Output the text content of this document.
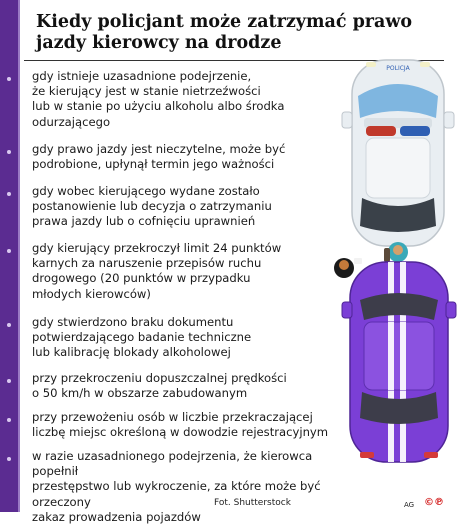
Kiedy policjant może zatrzymać prawo jazdy kierowcy na drodze
gdy istnieje uzasadnione podejrzenie,
że kierujący jest w stanie nietrzeźwości
lub w stanie po użyciu alkoholu albo środka
odurzającego
gdy prawo jazdy jest nieczytelne, może być
podrobione, upłynął termin jego ważności
gdy wobec kierującego wydane zostało
postanowienie lub decyzja o zatrzymaniu
prawa jazdy lub o cofnięciu uprawnień
gdy kierujący przekroczył limit 24 punktów
karnych za naruszenie przepisów ruchu
drogowego (20 punktów w przypadku
młodych kierowców)
gdy stwierdzono braku dokumentu
potwierdzającego badanie techniczne
lub kalibrację blokady alkoholowej
przy przekroczeniu dopuszczalnej prędkości
o 50 km/h w obszarze zabudowanym
przy przewożeniu osób w liczbie przekraczającej
liczbę miejsc określoną w dowodzie rejestracyjnym
w razie uzasadnionego podejrzenia, że kierowca popełnił
przestępstwo lub wykroczenie, za które może być orzeczony
zakaz prowadzenia pojazdów
POLICJA
Fot. Shutterstock	AG ©℗
